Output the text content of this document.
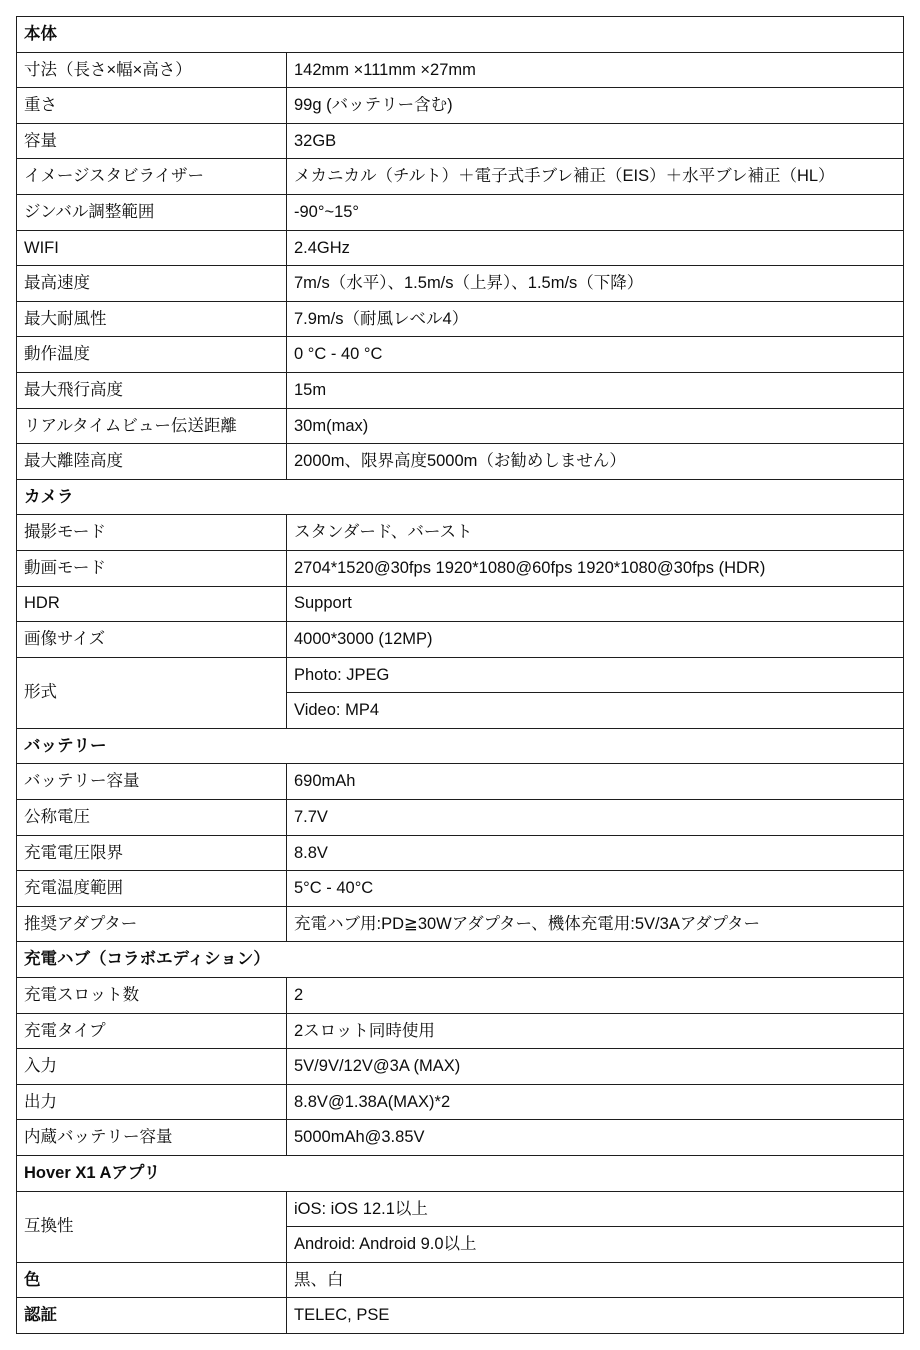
本体	
寸法（長さ×幅×高さ）	142mm ×111mm ×27mm
重さ	99g (バッテリー含む)
容量	32GB
イメージスタビライザー	メカニカル（チルト）＋電子式手ブレ補正（EIS）＋水平ブレ補正（HL）
ジンバル調整範囲	-90°~15°
WIFI	2.4GHz
最高速度	7m/s（水平）、1.5m/s（上昇）、1.5m/s（下降）
最大耐風性	7.9m/s（耐風レベル4）
動作温度	0 °C - 40 °C
最大飛行高度	15m
リアルタイムビュー伝送距離	30m(max)
最大離陸高度	2000m、限界高度5000m（お勧めしません）
カメラ	
撮影モード	スタンダード、バースト
動画モード	2704*1520@30fps 1920*1080@60fps 1920*1080@30fps (HDR)
HDR	Support
画像サイズ	4000*3000 (12MP)
形式	Photo: JPEG
	Video: MP4
バッテリー	
バッテリー容量	690mAh
公称電圧	7.7V
充電電圧限界	8.8V
充電温度範囲	5°C - 40°C
推奨アダプター	充電ハブ用:PD≧30Wアダプター、機体充電用:5V/3Aアダプター
充電ハブ（コラボエディション）	
充電スロット数	2
充電タイプ	2スロット同時使用
入力	5V/9V/12V@3A (MAX)
出力	8.8V@1.38A(MAX)*2
内蔵バッテリー容量	5000mAh@3.85V
Hover X1 Aアプリ	
互換性	iOS: iOS 12.1以上
	Android: Android 9.0以上
色	黒、白
認証	TELEC, PSE
